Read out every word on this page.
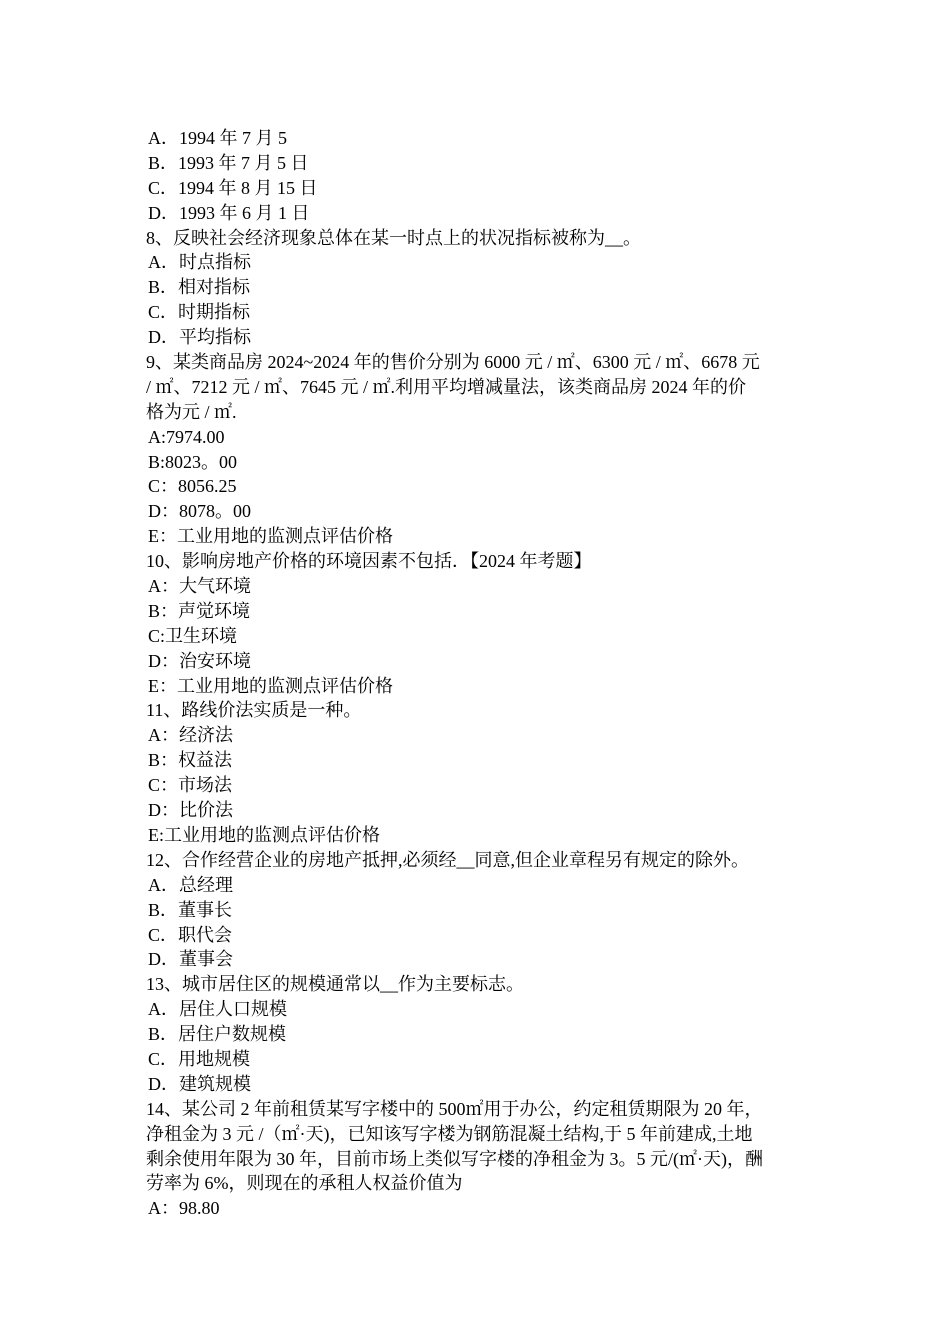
A．1994 年 7 月 5
B．1993 年 7 月 5 日
C．1994 年 8 月 15 日
D．1993 年 6 月 1 日
8、反映社会经济现象总体在某一时点上的状况指标被称为__。
A．时点指标
B．相对指标
C．时期指标
D．平均指标
9、某类商品房 2024~2024 年的售价分别为 6000 元 / ㎡、6300 元 / ㎡、6678 元
/ ㎡、7212 元 / ㎡、7645 元 / ㎡.利用平均增减量法，该类商品房 2024 年的价
格为元 / ㎡.
A:7974.00
B:8023。00
C：8056.25
D：8078。00
E：工业用地的监测点评估价格
10、影响房地产价格的环境因素不包括．【2024 年考题】
A：大气环境
B：声觉环境
C:卫生环境
D：治安环境
E：工业用地的监测点评估价格
11、路线价法实质是一种。
A：经济法
B：权益法
C：市场法
D：比价法
E:工业用地的监测点评估价格
12、合作经营企业的房地产抵押,必须经__同意,但企业章程另有规定的除外。
A．总经理
B．董事长
C．职代会
D．董事会
13、城市居住区的规模通常以__作为主要标志。
A．居住人口规模
B．居住户数规模
C．用地规模
D．建筑规模
14、某公司 2 年前租赁某写字楼中的 500㎡用于办公，约定租赁期限为 20 年，
净租金为 3 元 /（㎡·天)，已知该写字楼为钢筋混凝土结构,于 5 年前建成,土地
剩余使用年限为 30 年，目前市场上类似写字楼的净租金为 3。5 元/(㎡·天)，酬
劳率为 6%，则现在的承租人权益价值为
A：98.80
